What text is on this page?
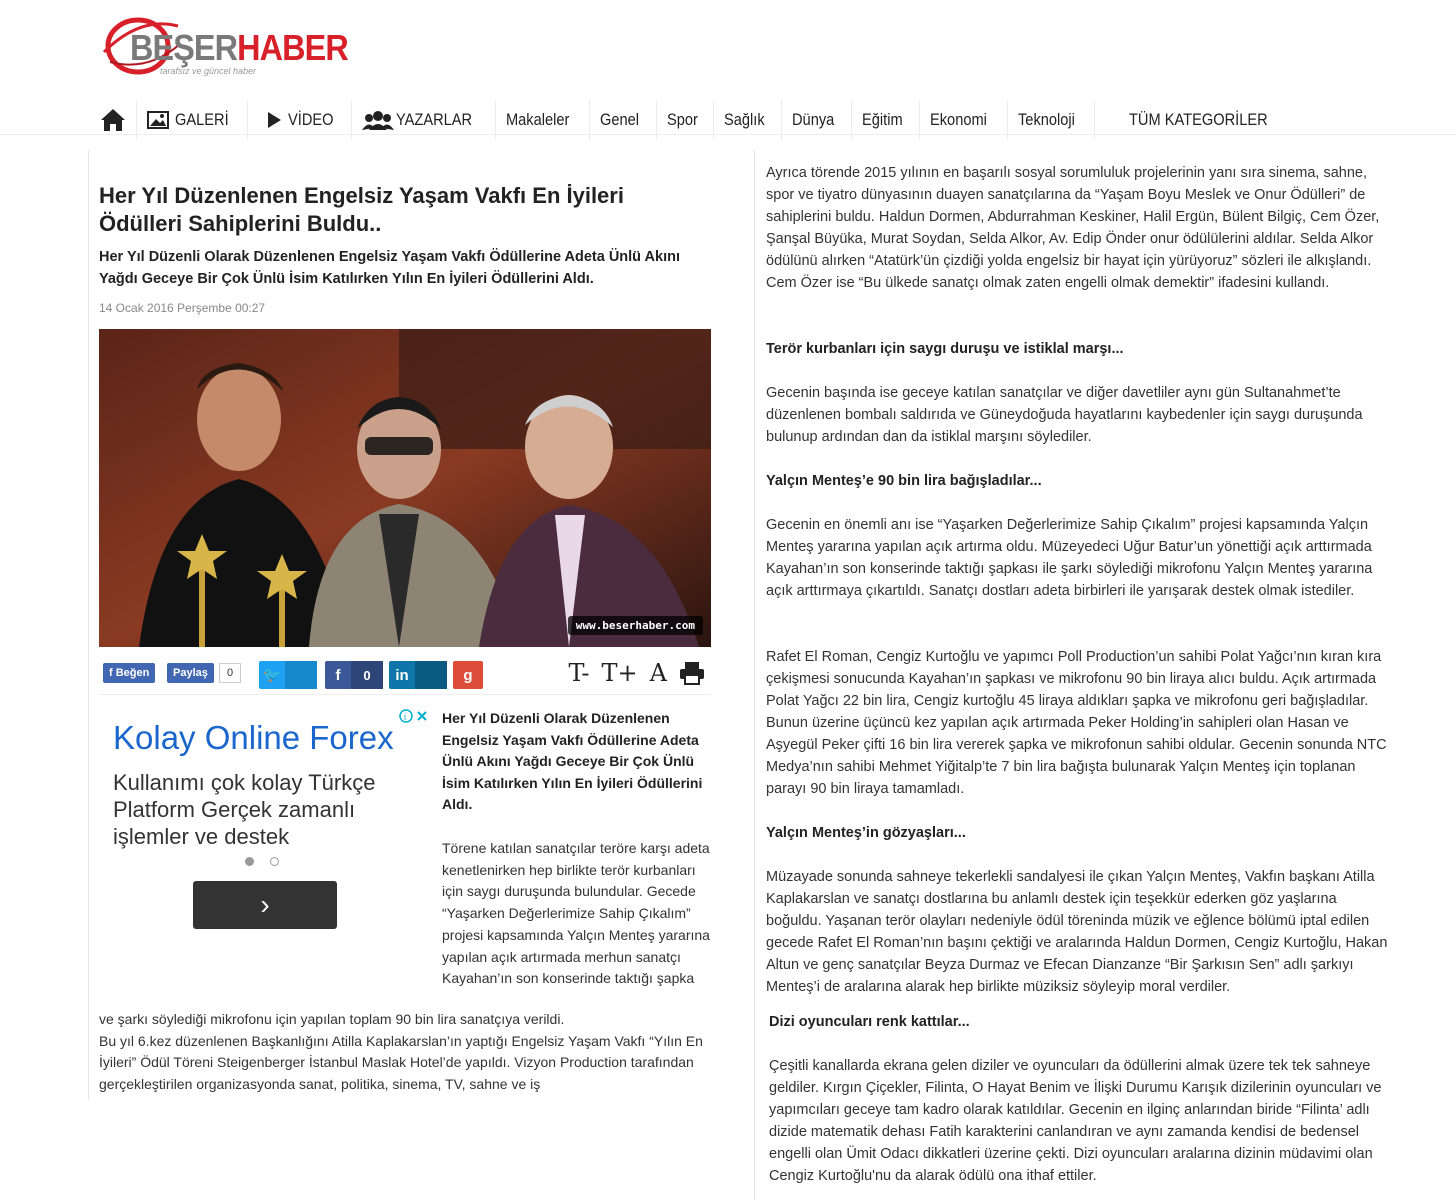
BEŞERHABER
tarafsız ve güncel haber
GALERİ	VİDEO	YAZARLAR Makaleler Genel Spor Sağlık Dünya Eğitim Ekonomi Teknoloji	TÜM KATEGORİLER
Her Yıl Düzenlenen Engelsiz Yaşam Vakfı En İyileri Ödülleri Sahiplerini Buldu..
Her Yıl Düzenli Olarak Düzenlenen Engelsiz Yaşam Vakfı Ödüllerine Adeta Ünlü Akını Yağdı Geceye Bir Çok Ünlü İsim Katılırken Yılın En İyileri Ödüllerini Aldı.
14 Ocak 2016 Perşembe 00:27
www.beserhaber.com
f Beğen	Paylaş	0	🐦	f	0	in	g	T- T+ A
i
Kolay Online Forex
Kullanımı çok kolay Türkçe Platform Gerçek zamanlı işlemler ve destek
›

Her Yıl Düzenli Olarak Düzenlenen Engelsiz Yaşam Vakfı Ödüllerine Adeta Ünlü Akını Yağdı Geceye Bir Çok Ünlü İsim Katılırken Yılın En İyileri Ödüllerini Aldı.

Törene katılan sanatçılar teröre karşı adeta kenetlenirken hep birlikte terör kurbanları için saygı duruşunda bulundular. Gecede “Yaşarken Değerlerimize Sahip Çıkalım” projesi kapsamında Yalçın Menteş yararına yapılan açık artırmada merhun sanatçı Kayahan’ın son konserinde taktığı şapka

ve şarkı söylediği mikrofonu için yapılan toplam 90 bin lira sanatçıya verildi.

Bu yıl 6.kez düzenlenen Başkanlığını Atilla Kaplakarslan’ın yaptığı Engelsiz Yaşam Vakfı “Yılın En İyileri” Ödül Töreni Steigenberger İstanbul Maslak Hotel’de yapıldı. Vizyon Production tarafından gerçekleştirilen organizasyonda sanat, politika, sinema, TV, sahne ve iş

Ayrıca törende 2015 yılının en başarılı sosyal sorumluluk projelerinin yanı sıra sinema, sahne, spor ve tiyatro dünyasının duayen sanatçılarına da “Yaşam Boyu Meslek ve Onur Ödülleri” de sahiplerini buldu. Haldun Dormen, Abdurrahman Keskiner, Halil Ergün, Bülent Bilgiç, Cem Özer, Şanşal Büyüka, Murat Soydan, Selda Alkor, Av. Edip Önder onur ödülülerini aldılar. Selda Alkor ödülünü alırken “Atatürk’ün çizdiği yolda engelsiz bir hayat için yürüyoruz” sözleri ile alkışlandı. Cem Özer ise “Bu ülkede sanatçı olmak zaten engelli olmak demektir” ifadesini kullandı.

Terör kurbanları için saygı duruşu ve istiklal marşı...

Gecenin başında ise geceye katılan sanatçılar ve diğer davetliler aynı gün Sultanahmet’te düzenlenen bombalı saldırıda ve Güneydoğuda hayatlarını kaybedenler için saygı duruşunda bulunup ardından dan da istiklal marşını söylediler.

Yalçın Menteş’e 90 bin lira bağışladılar...

Gecenin en önemli anı ise “Yaşarken Değerlerimize Sahip Çıkalım” projesi kapsamında Yalçın Menteş yararına yapılan açık artırma oldu. Müzeyedeci Uğur Batur’un yönettiği açık arttırmada Kayahan’ın son konserinde taktığı şapkası ile şarkı söylediği mikrofonu Yalçın Menteş yararına açık arttırmaya çıkartıldı. Sanatçı dostları adeta birbirleri ile yarışarak destek olmak istediler.

Rafet El Roman, Cengiz Kurtoğlu ve yapımcı Poll Production’un sahibi Polat Yağcı’nın kıran kıra çekişmesi sonucunda Kayahan’ın şapkası ve mikrofonu 90 bin liraya alıcı buldu. Açık artırmada Polat Yağcı 22 bin lira, Cengiz kurtoğlu 45 liraya aldıkları şapka ve mikrofonu geri bağışladılar. Bunun üzerine üçüncü kez yapılan açık artırmada Peker Holding’in sahipleri olan Hasan ve Aşyegül Peker çifti 16 bin lira vererek şapka ve mikrofonun sahibi oldular. Gecenin sonunda NTC Medya’nın sahibi Mehmet Yiğitalp’te 7 bin lira bağışta bulunarak Yalçın Menteş için toplanan parayı 90 bin liraya tamamladı.

Yalçın Menteş’in gözyaşları...

Müzayade sonunda sahneye tekerlekli sandalyesi ile çıkan Yalçın Menteş, Vakfın başkanı Atilla Kaplakarslan ve sanatçı dostlarına bu anlamlı destek için teşekkür ederken göz yaşlarına boğuldu. Yaşanan terör olayları nedeniyle ödül töreninda müzik ve eğlence bölümü iptal edilen gecede Rafet El Roman’nın başını çektiği ve aralarında Haldun Dormen, Cengiz Kurtoğlu, Hakan Altun ve genç sanatçılar Beyza Durmaz ve Efecan Dianzanze “Bir Şarkısın Sen” adlı şarkıyı Menteş’i de aralarına alarak hep birlikte müziksiz söyleyip moral verdiler.

Dizi oyuncuları renk kattılar...

Çeşitli kanallarda ekrana gelen diziler ve oyuncuları da ödüllerini almak üzere tek tek sahneye geldiler. Kırgın Çiçekler, Filinta, O Hayat Benim ve İlişki Durumu Karışık dizilerinin oyuncuları ve yapımcıları geceye tam kadro olarak katıldılar. Gecenin en ilginç anlarından biride “Filinta’ adlı dizide matematik dehası Fatih karakterini canlandıran ve aynı zamanda kendisi de bedensel engelli olan Ümit Odacı dikkatleri üzerine çekti. Dizi oyuncuları aralarına dizinin müdavimi olan Cengiz Kurtoğlu'nu da alarak ödülü ona ithaf ettiler.
